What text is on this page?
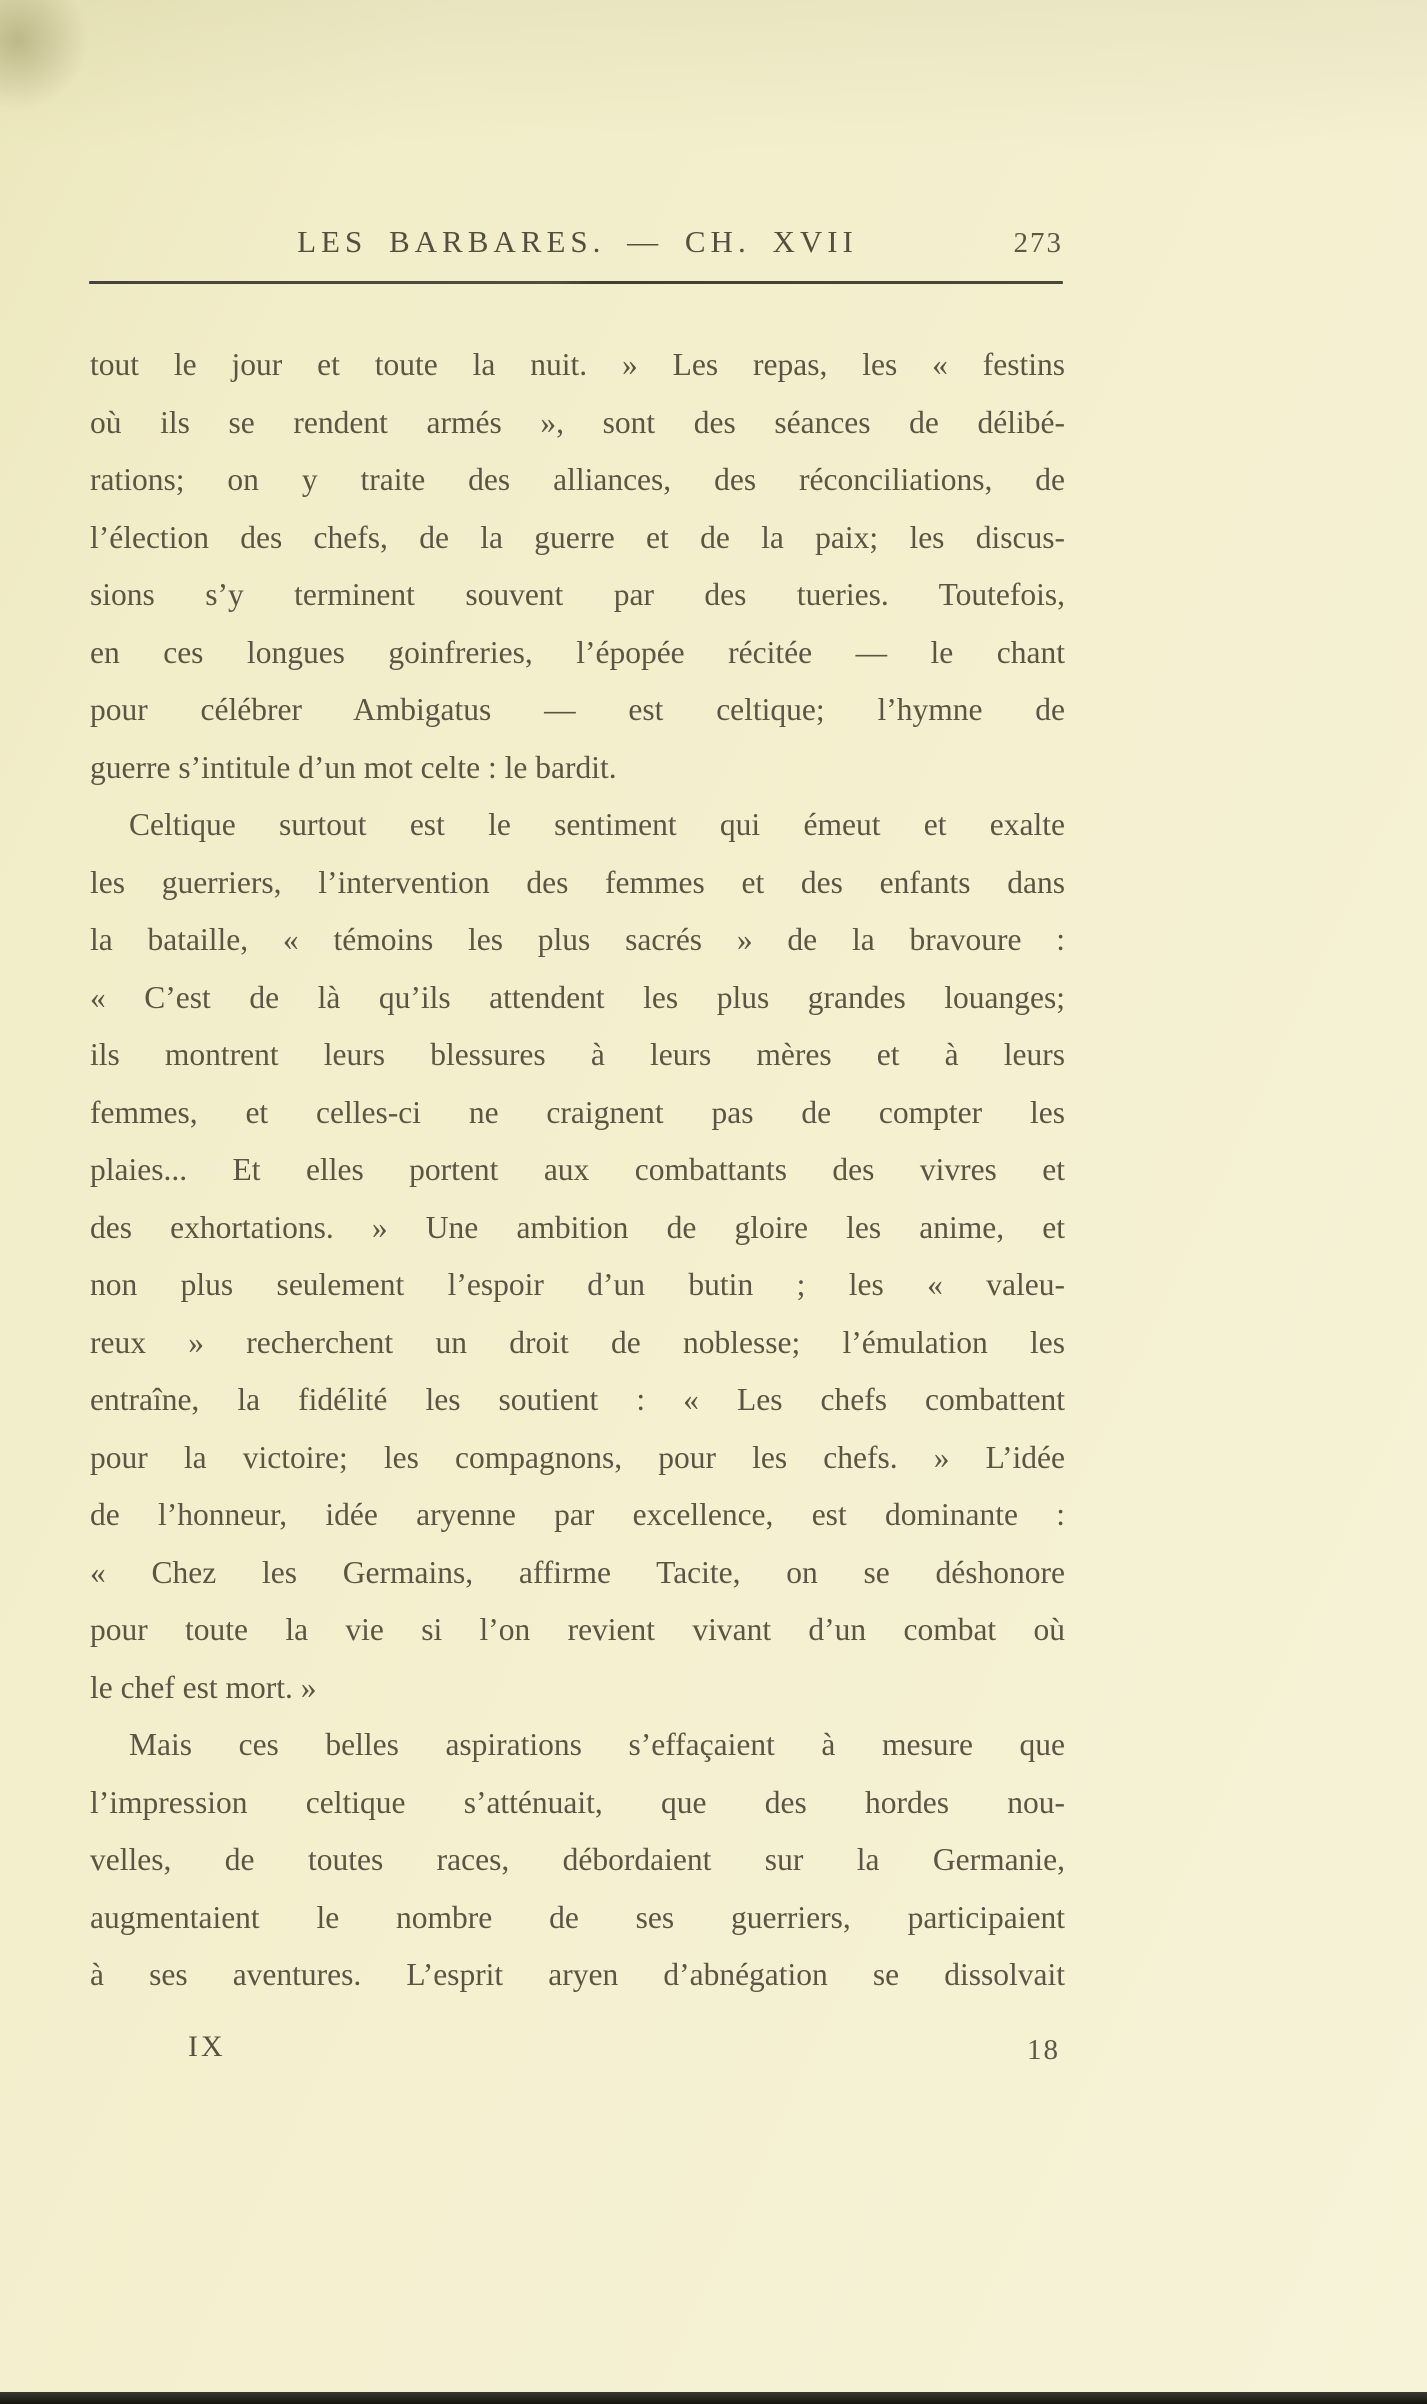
LES BARBARES. — CH. XVII	273
tout le jour et toute la nuit. » Les repas, les « festins
où ils se rendent armés », sont des séances de délibé-
rations; on y traite des alliances, des réconciliations, de
l’élection des chefs, de la guerre et de la paix; les discus-
sions s’y terminent souvent par des tueries. Toutefois,
en ces longues goinfreries, l’épopée récitée — le chant
pour célébrer Ambigatus — est celtique; l’hymne de
guerre s’intitule d’un mot celte : le bardit.
Celtique surtout est le sentiment qui émeut et exalte
les guerriers, l’intervention des femmes et des enfants dans
la bataille, « témoins les plus sacrés » de la bravoure :
« C’est de là qu’ils attendent les plus grandes louanges;
ils montrent leurs blessures à leurs mères et à leurs
femmes, et celles-ci ne craignent pas de compter les
plaies... Et elles portent aux combattants des vivres et
des exhortations. » Une ambition de gloire les anime, et
non plus seulement l’espoir d’un butin ; les « valeu-
reux » recherchent un droit de noblesse; l’émulation les
entraîne, la fidélité les soutient : « Les chefs combattent
pour la victoire; les compagnons, pour les chefs. » L’idée
de l’honneur, idée aryenne par excellence, est dominante :
« Chez les Germains, affirme Tacite, on se déshonore
pour toute la vie si l’on revient vivant d’un combat où
le chef est mort. »
Mais ces belles aspirations s’effaçaient à mesure que
l’impression celtique s’atténuait, que des hordes nou-
velles, de toutes races, débordaient sur la Germanie,
augmentaient le nombre de ses guerriers, participaient
à ses aventures. L’esprit aryen d’abnégation se dissolvait
IX	18
